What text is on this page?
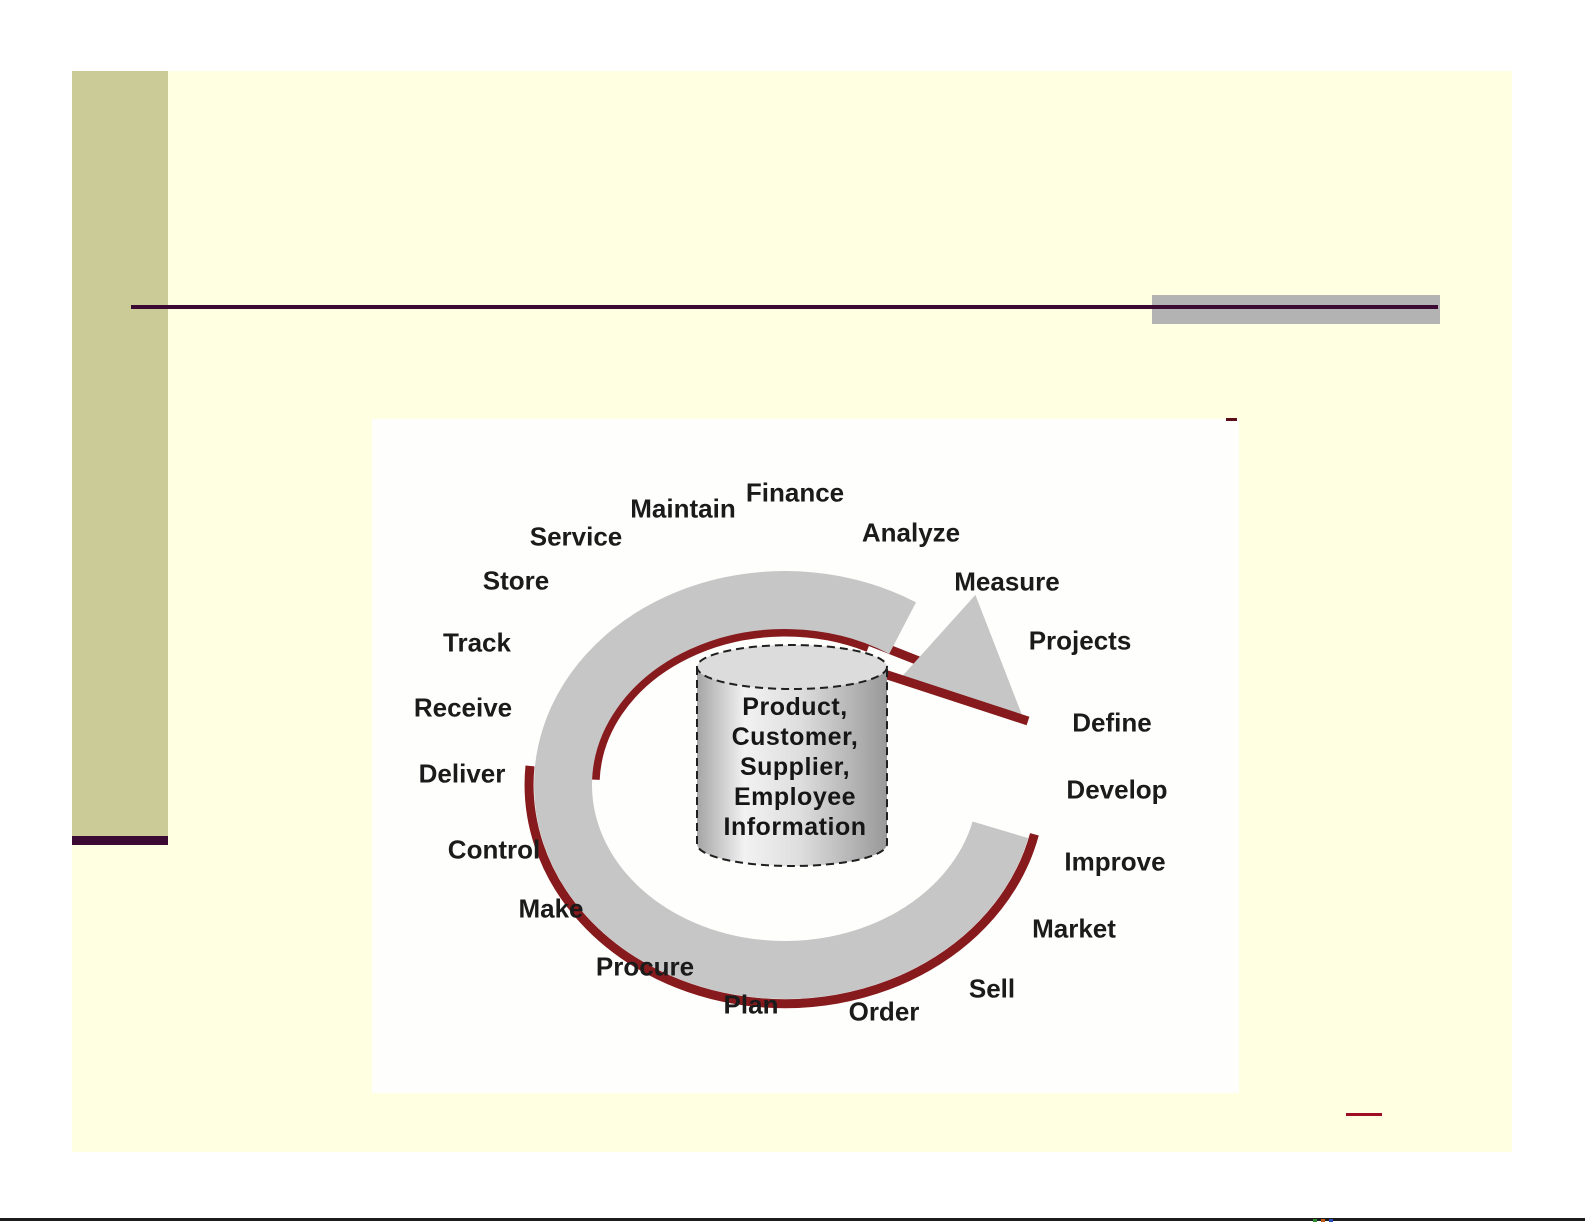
Product,
Customer,
Supplier,
Employee
Information
Finance
Maintain
Analyze
Service
Measure
Store
Projects
Track
Receive	Define
Deliver
Develop
Control	Improve
Make
Market
Procure
Sell
Plan	Order
